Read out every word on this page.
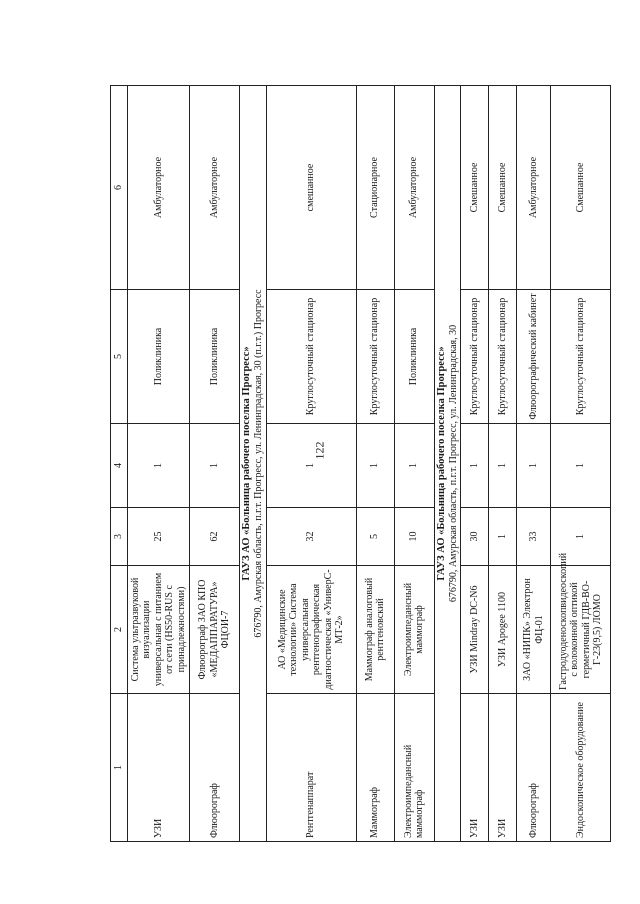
122
1	2	3	4	5	6
УЗИ	Система ультразвуковой визуализации универсальная с питанием от сети (HS50-RUS с принадлежностями)	25	1	Поликлиника	Амбулаторное
Флюорограф	Флюорограф ЗАО КПО «МЕДАППАРАТУРА» ФЦОИ-7	62	1	Поликлиника	Амбулаторное

ГАУЗ АО «Больница рабочего поселка Прогресс» 676790, Амурская область, п.г.т. Прогресс, ул. Ленинградская, 30 (п.г.т.) Прогресс					

Рентгенаппарат	АО «Медицинские технологии» Система универсальная рентгенографическая диагностическая «УниверС-МТ-2»	32	1	Круглосуточный стационар	смешанное
Маммограф	Маммограф аналоговый рентгеновский	5	1	Круглосуточный стационар	Стационарное
Электроимпедансный маммограф	Электроимпедансный маммограф	10	1	Поликлиника	Амбулаторное

ГАУЗ АО «Больница рабочего поселка Прогресс» 676790, Амурская область, п.г.т. Прогресс, ул. Ленинградская, 30					

УЗИ	УЗИ Mindray DC-N6	30	1	Круглосуточный стационар	Смешанное
УЗИ	УЗИ Apogee 1100	1	1	Круглосуточный стационар	Смешанное
Флюорограф	ЗАО «НИПК» Электрон ФЦ-01	33	1	Флюорографический кабинет	Амбулаторное
Эндоскопическое оборудование	Гастродуоденоскопвидеоскопий с волоконной оптикой герметичный ГДВ-ВО-Г-23(9,5) ЛОМО	1	1	Круглосуточный стационар	Смешанное
